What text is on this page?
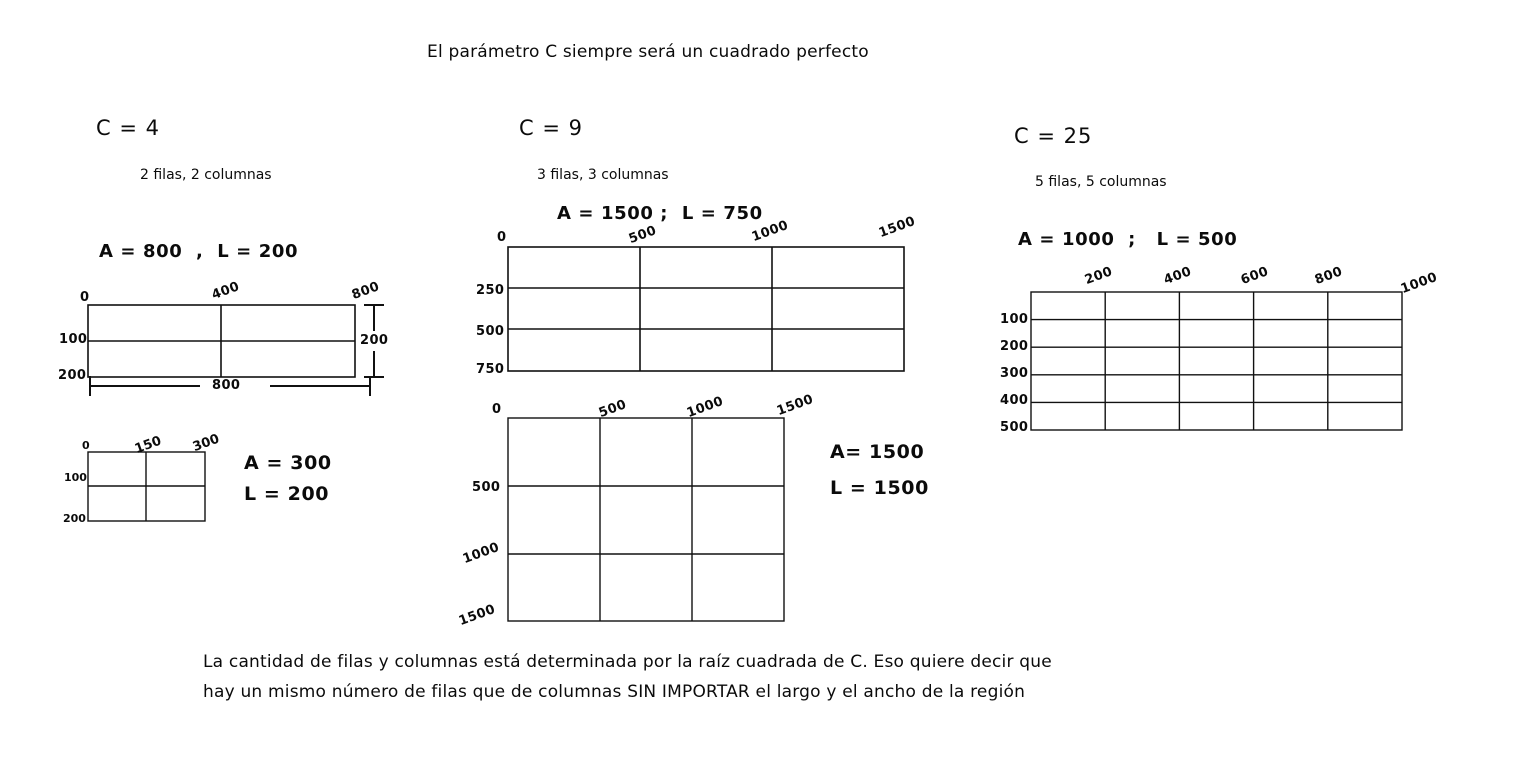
El parámetro C siempre será un cuadrado perfecto
C = 4
2 filas, 2 columnas
A = 800  ,  L = 200
0	400	800
100
200
200
800
0	150 300
100
200
A = 300
L = 200
C = 9
3 filas, 3 columnas
A = 1500 ;  L = 750
0	500	1000	1500
250
500
750
0	500	1000	1500
500
1000
1500
A= 1500
L = 1500
C = 25
5 filas, 5 columnas
A = 1000  ;   L = 500
200	400	600	800	1000
100
200
300
400
500
La cantidad de filas y columnas está determinada por la raíz cuadrada de C. Eso quiere decir que
hay un mismo número de filas que de columnas SIN IMPORTAR el largo y el ancho de la región
